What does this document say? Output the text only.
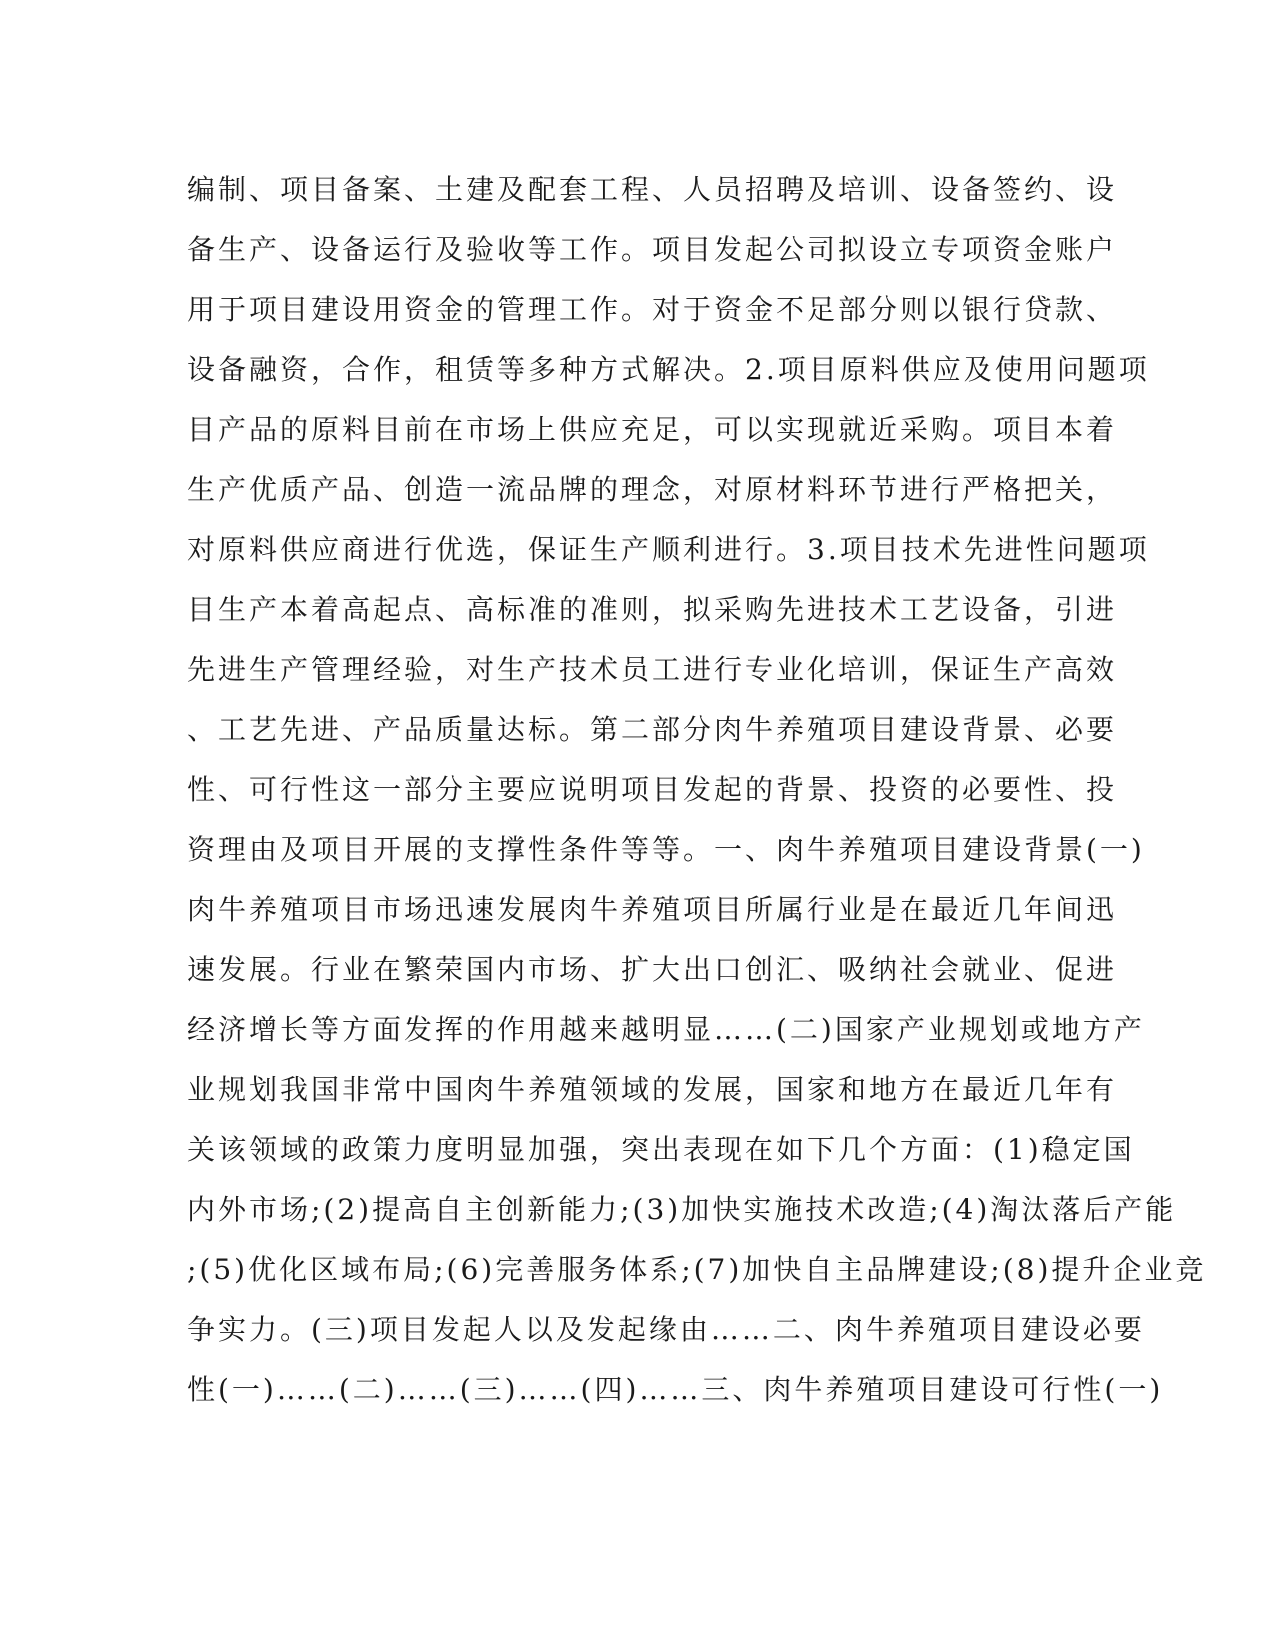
编制、项目备案、土建及配套工程、人员招聘及培训、设备签约、设
备生产、设备运行及验收等工作。项目发起公司拟设立专项资金账户
用于项目建设用资金的管理工作。对于资金不足部分则以银行贷款、
设备融资，合作，租赁等多种方式解决。2.项目原料供应及使用问题项
目产品的原料目前在市场上供应充足，可以实现就近采购。项目本着
生产优质产品、创造一流品牌的理念，对原材料环节进行严格把关，
对原料供应商进行优选，保证生产顺利进行。3.项目技术先进性问题项
目生产本着高起点、高标准的准则，拟采购先进技术工艺设备，引进
先进生产管理经验，对生产技术员工进行专业化培训，保证生产高效
、工艺先进、产品质量达标。第二部分肉牛养殖项目建设背景、必要
性、可行性这一部分主要应说明项目发起的背景、投资的必要性、投
资理由及项目开展的支撑性条件等等。一、肉牛养殖项目建设背景(一)
肉牛养殖项目市场迅速发展肉牛养殖项目所属行业是在最近几年间迅
速发展。行业在繁荣国内市场、扩大出口创汇、吸纳社会就业、促进
经济增长等方面发挥的作用越来越明显……(二)国家产业规划或地方产
业规划我国非常中国肉牛养殖领域的发展，国家和地方在最近几年有
关该领域的政策力度明显加强，突出表现在如下几个方面：(1)稳定国
内外市场;(2)提高自主创新能力;(3)加快实施技术改造;(4)淘汰落后产能
;(5)优化区域布局;(6)完善服务体系;(7)加快自主品牌建设;(8)提升企业竞
争实力。(三)项目发起人以及发起缘由……二、肉牛养殖项目建设必要
性(一)……(二)……(三)……(四)……三、肉牛养殖项目建设可行性(一)
